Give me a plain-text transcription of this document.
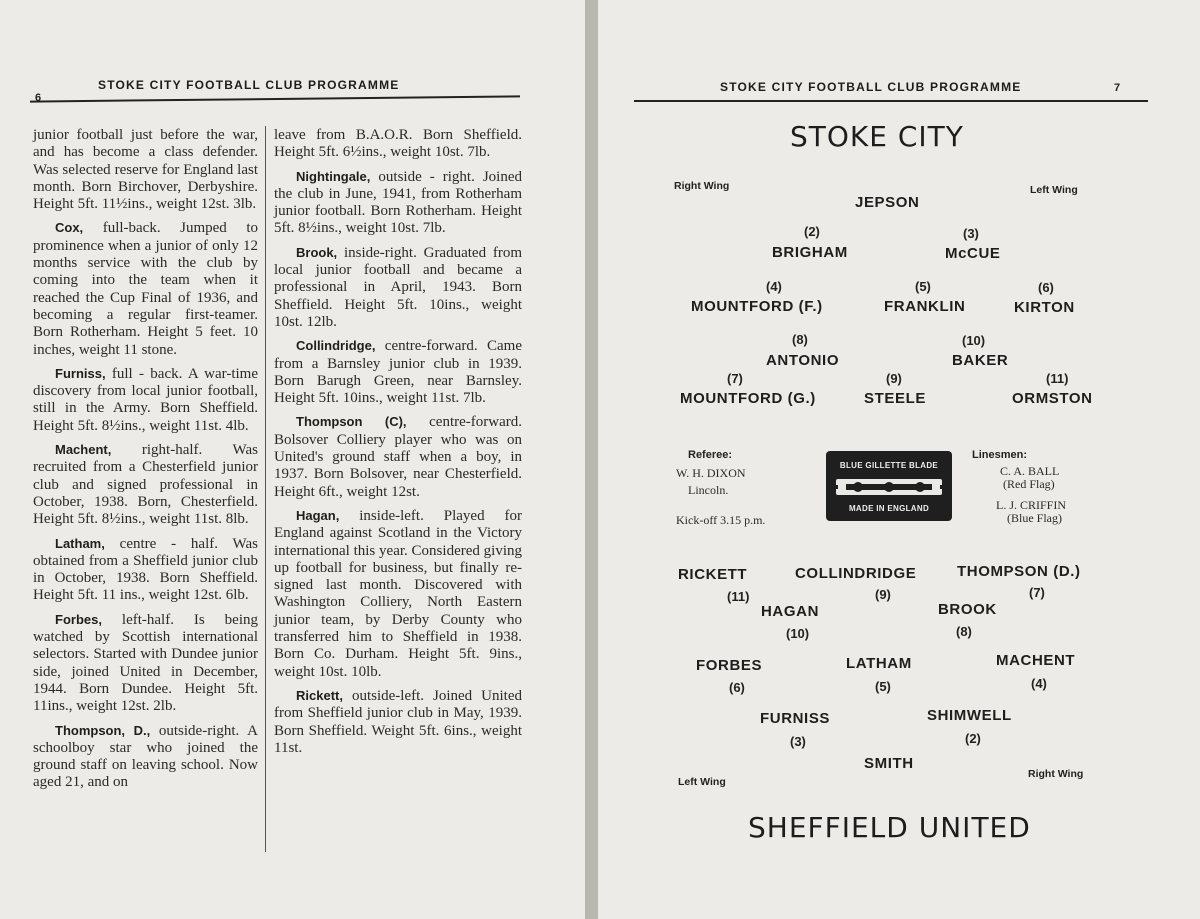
6
STOKE CITY FOOTBALL CLUB PROGRAMME

junior football just before the war, and has become a class defender. Was selected reserve for England last month. Born Birchover, Derbyshire. Height 5ft. 11½ins., weight 12st. 3lb.

Cox, full-back. Jumped to prominence when a junior of only 12 months service with the club by coming into the team when it reached the Cup Final of 1936, and becoming a regular first-teamer. Born Rotherham. Height 5 feet. 10 inches, weight 11 stone.

Furniss, full - back. A war-time discovery from local junior football, still in the Army. Born Sheffield. Height 5ft. 8½ins., weight 11st. 4lb.

Machent, right-half. Was recruited from a Chesterfield junior club and signed professional in October, 1938. Born, Chesterfield. Height 5ft. 8½ins., weight 11st. 8lb.

Latham, centre - half. Was obtained from a Sheffield junior club in October, 1938. Born Sheffield. Height 5ft. 11 ins., weight 12st. 6lb.

Forbes, left-half. Is being watched by Scottish international selectors. Started with Dundee junior side, joined United in December, 1944. Born Dundee. Height 5ft. 11ins., weight 12st. 2lb.

Thompson, D., outside-right. A schoolboy star who joined the ground staff on leaving school. Now aged 21, and on

leave from B.A.O.R. Born Sheffield. Height 5ft. 6½ins., weight 10st. 7lb.

Nightingale, outside - right. Joined the club in June, 1941, from Rotherham junior football. Born Rotherham. Height 5ft. 8½ins., weight 10st. 7lb.

Brook, inside-right. Graduated from local junior football and became a professional in April, 1943. Born Sheffield. Height 5ft. 10ins., weight 10st. 12lb.

Collindridge, centre-forward. Came from a Barnsley junior club in 1939. Born Barugh Green, near Barnsley. Height 5ft. 10ins., weight 11st. 7lb.

Thompson (C), centre-forward. Bolsover Colliery player who was on United's ground staff when a boy, in 1937. Born Bolsover, near Chesterfield. Height 6ft., weight 12st.

Hagan, inside-left. Played for England against Scotland in the Victory international this year. Considered giving up football for business, but finally re-signed last month. Discovered with Washington Colliery, North Eastern junior team, by Derby County who transferred him to Sheffield in 1938. Born Co. Durham. Height 5ft. 9ins., weight 10st. 10lb.

Rickett, outside-left. Joined United from Sheffield junior club in May, 1939. Born Sheffield. Weight 5ft. 6ins., weight 11st.

STOKE CITY FOOTBALL CLUB PROGRAMME	7
STOKE CITY
Right Wing	Left Wing
JEPSON
(2)	(3)
BRIGHAM	McCUE
(4)	(5)	(6)
MOUNTFORD (F.)	FRANKLIN	KIRTON
(8)	(10)
ANTONIO	BAKER
(7)	(9)	(11)
MOUNTFORD (G.)	STEELE	ORMSTON
Referee:
W. H. DIXON
Lincoln.
Kick-off 3.15 p.m.
Linesmen:
C. A. BALL
(Red Flag)
L. J. CRIFFIN
(Blue Flag)
BLUE GILLETTE BLADE
MADE IN ENGLAND
RICKETT	COLLINDRIDGE	THOMPSON (D.)
(11)	(9)	(7)
HAGAN	BROOK
(10)	(8)
FORBES	LATHAM	MACHENT
(6)	(5)	(4)
FURNISS	SHIMWELL
(3)	(2)
SMITH
Left Wing
Right Wing
SHEFFIELD UNITED
